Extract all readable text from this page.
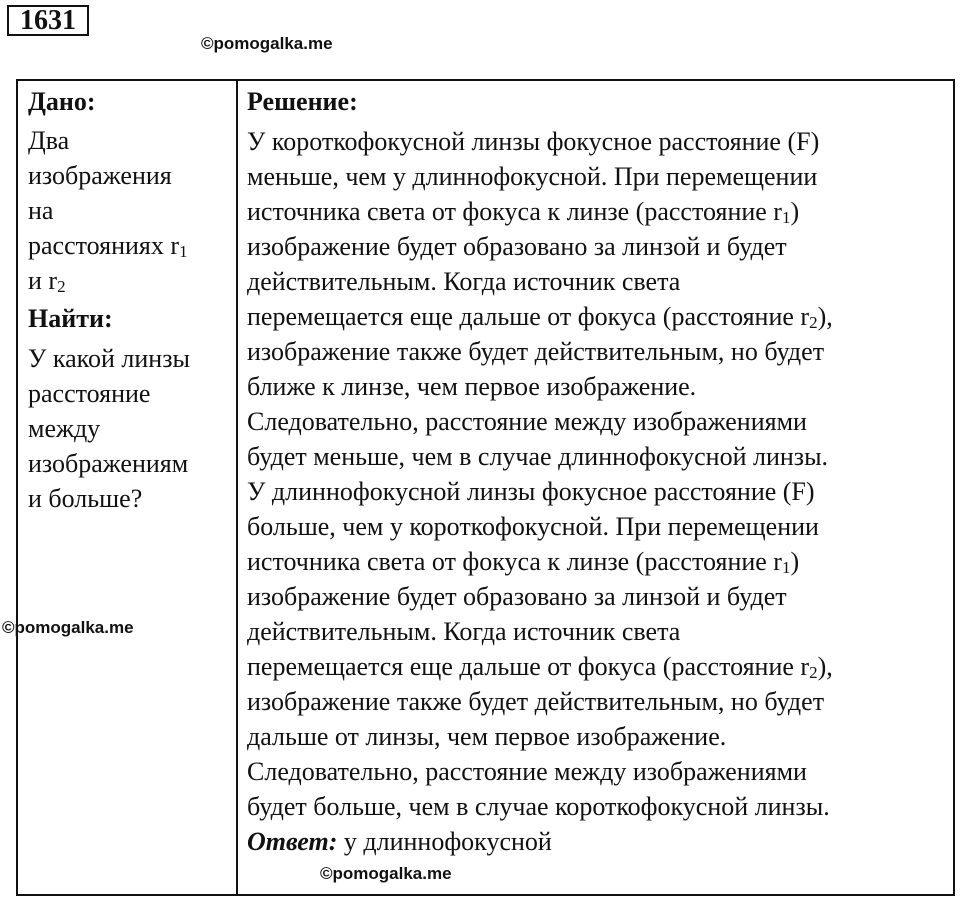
1631
©pomogalka.me
Дано:
Два
изображения
на
расстояниях $r_1$
и $r_2$
Найти:
У какой линзы
расстояние
между
изображениям
и больше?
Решение:
У короткофокусной линзы фокусное расстояние (F)
меньше, чем у длиннофокусной. При перемещении
источника света от фокуса к линзе (расстояние $r_1$)
изображение будет образовано за линзой и будет
действительным. Когда источник света
перемещается еще дальше от фокуса (расстояние $r_2$),
изображение также будет действительным, но будет
ближе к линзе, чем первое изображение.
Следовательно, расстояние между изображениями
будет меньше, чем в случае длиннофокусной линзы.
У длиннофокусной линзы фокусное расстояние (F)
больше, чем у короткофокусной. При перемещении
источника света от фокуса к линзе (расстояние $r_1$)
изображение будет образовано за линзой и будет
действительным. Когда источник света
перемещается еще дальше от фокуса (расстояние $r_2$),
изображение также будет действительным, но будет
дальше от линзы, чем первое изображение.
Следовательно, расстояние между изображениями
будет больше, чем в случае короткофокусной линзы.
Ответ: у длиннофокусной
©pomogalka.me
©pomogalka.me
